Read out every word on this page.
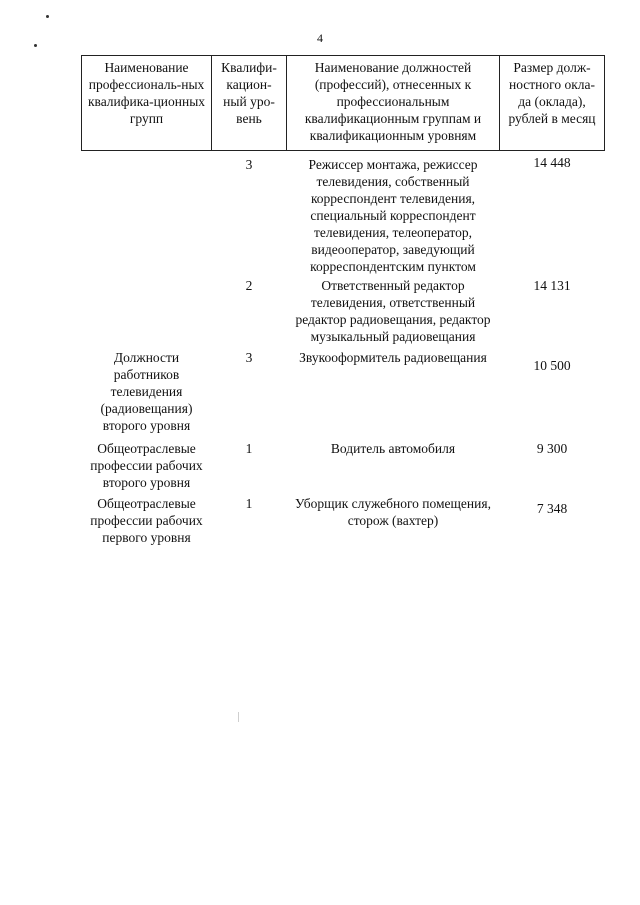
4
Наименование профессиональ-ных квалифика-ционных групп	Квалифи-кацион-ный уро-вень	Наименование должностей (профессий), отнесенных к профессиональным квалификационным группам и квалификационным уровням	Размер долж-ностного окла-да (оклада), рублей в месяц
	3	Режиссер монтажа, режиссер телевидения, собственный корреспондент телевидения, специальный корреспондент телевидения, телеоператор, видеооператор, заведующий корреспондентским пунктом	14 448
	2	Ответственный редактор телевидения, ответственный редактор радиовещания, редактор музыкальный радиовещания	14 131
Должности работников телевидения (радиовещания) второго уровня	3	Звукооформитель радиовещания	10 500
Общеотраслевые профессии рабочих второго уровня	1	Водитель автомобиля	9 300
Общеотраслевые профессии рабочих первого уровня	1	Уборщик служебного помещения, сторож (вахтер)	7 348
